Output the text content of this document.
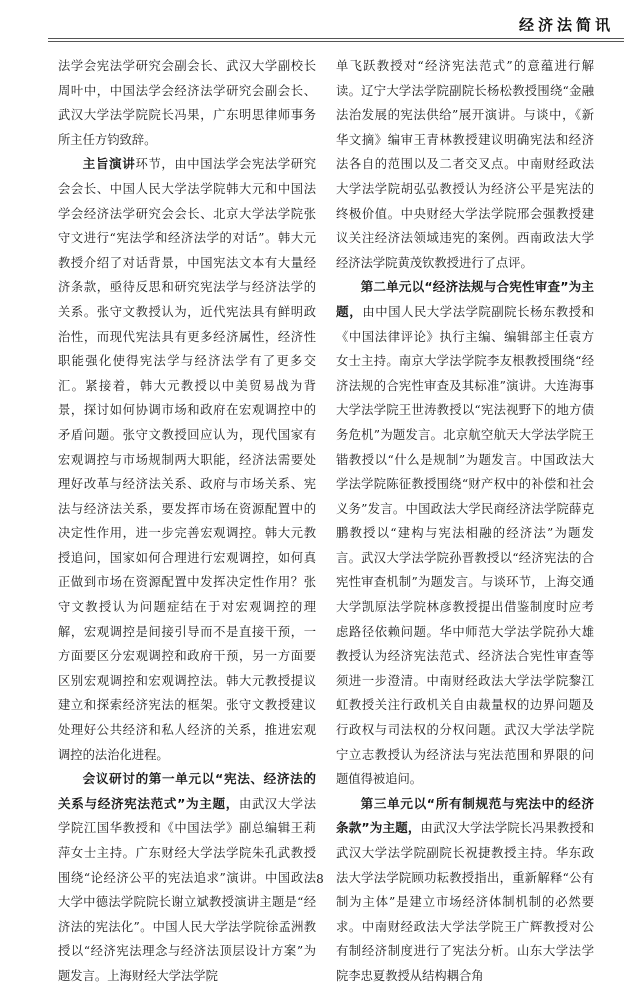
经济法简讯

法学会宪法学研究会副会长、武汉大学副校长周叶中，中国法学会经济法学研究会副会长、武汉大学法学院院长冯果，广东明思律师事务所主任方钧致辞。

主旨演讲环节，由中国法学会宪法学研究会会长、中国人民大学法学院韩大元和中国法学会经济法学研究会会长、北京大学法学院张守文进行“宪法学和经济法学的对话”。韩大元教授介绍了对话背景，中国宪法文本有大量经济条款，亟待反思和研究宪法学与经济法学的关系。张守文教授认为，近代宪法具有鲜明政治性，而现代宪法具有更多经济属性，经济性职能强化使得宪法学与经济法学有了更多交汇。紧接着，韩大元教授以中美贸易战为背景，探讨如何协调市场和政府在宏观调控中的矛盾问题。张守文教授回应认为，现代国家有宏观调控与市场规制两大职能，经济法需要处理好改革与经济法关系、政府与市场关系、宪法与经济法关系，要发挥市场在资源配置中的决定性作用，进一步完善宏观调控。韩大元教授追问，国家如何合理进行宏观调控，如何真正做到市场在资源配置中发挥决定性作用？张守文教授认为问题症结在于对宏观调控的理解，宏观调控是间接引导而不是直接干预，一方面要区分宏观调控和政府干预，另一方面要区别宏观调控和宏观调控法。韩大元教授提议建立和探索经济宪法的框架。张守文教授建议处理好公共经济和私人经济的关系，推进宏观调控的法治化进程。

会议研讨的第一单元以“宪法、经济法的关系与经济宪法范式”为主题，由武汉大学法学院江国华教授和《中国法学》副总编辑王莉萍女士主持。广东财经大学法学院朱孔武教授围绕“论经济公平的宪法追求”演讲。中国政法大学中德法学院院长谢立斌教授演讲主题是“经济法的宪法化”。中国人民大学法学院徐孟洲教授以“经济宪法理念与经济法顶层设计方案”为题发言。上海财经大学法学院

单飞跃教授对“经济宪法范式”的意蕴进行解读。辽宁大学法学院副院长杨松教授围绕“金融法治发展的宪法供给”展开演讲。与谈中，《新华文摘》编审王青林教授建议明确宪法和经济法各自的范围以及二者交叉点。中南财经政法大学法学院胡弘弘教授认为经济公平是宪法的终极价值。中央财经大学法学院邢会强教授建议关注经济法领域违宪的案例。西南政法大学经济法学院黄茂钦教授进行了点评。

第二单元以“经济法规与合宪性审查”为主题，由中国人民大学法学院副院长杨东教授和《中国法律评论》执行主编、编辑部主任袁方女士主持。南京大学法学院李友根教授围绕“经济法规的合宪性审查及其标准”演讲。大连海事大学法学院王世涛教授以“宪法视野下的地方债务危机”为题发言。北京航空航天大学法学院王锴教授以“什么是规制”为题发言。中国政法大学法学院陈征教授围绕“财产权中的补偿和社会义务”发言。中国政法大学民商经济法学院薛克鹏教授以“建构与宪法相融的经济法”为题发言。武汉大学法学院孙晋教授以“经济宪法的合宪性审查机制”为题发言。与谈环节，上海交通大学凯原法学院林彦教授提出借鉴制度时应考虑路径依赖问题。华中师范大学法学院孙大雄教授认为经济宪法范式、经济法合宪性审查等须进一步澄清。中南财经政法大学法学院黎江虹教授关注行政机关自由裁量权的边界问题及行政权与司法权的分权问题。武汉大学法学院宁立志教授认为经济法与宪法范围和界限的问题值得被追问。

第三单元以“所有制规范与宪法中的经济条款”为主题，由武汉大学法学院长冯果教授和武汉大学法学院副院长祝捷教授主持。华东政法大学法学院顾功耘教授指出，重新解释“公有制为主体”是建立市场经济体制机制的必然要求。中南财经政法大学法学院王广辉教授对公有制经济制度进行了宪法分析。山东大学法学院李忠夏教授从结构耦合角

8
